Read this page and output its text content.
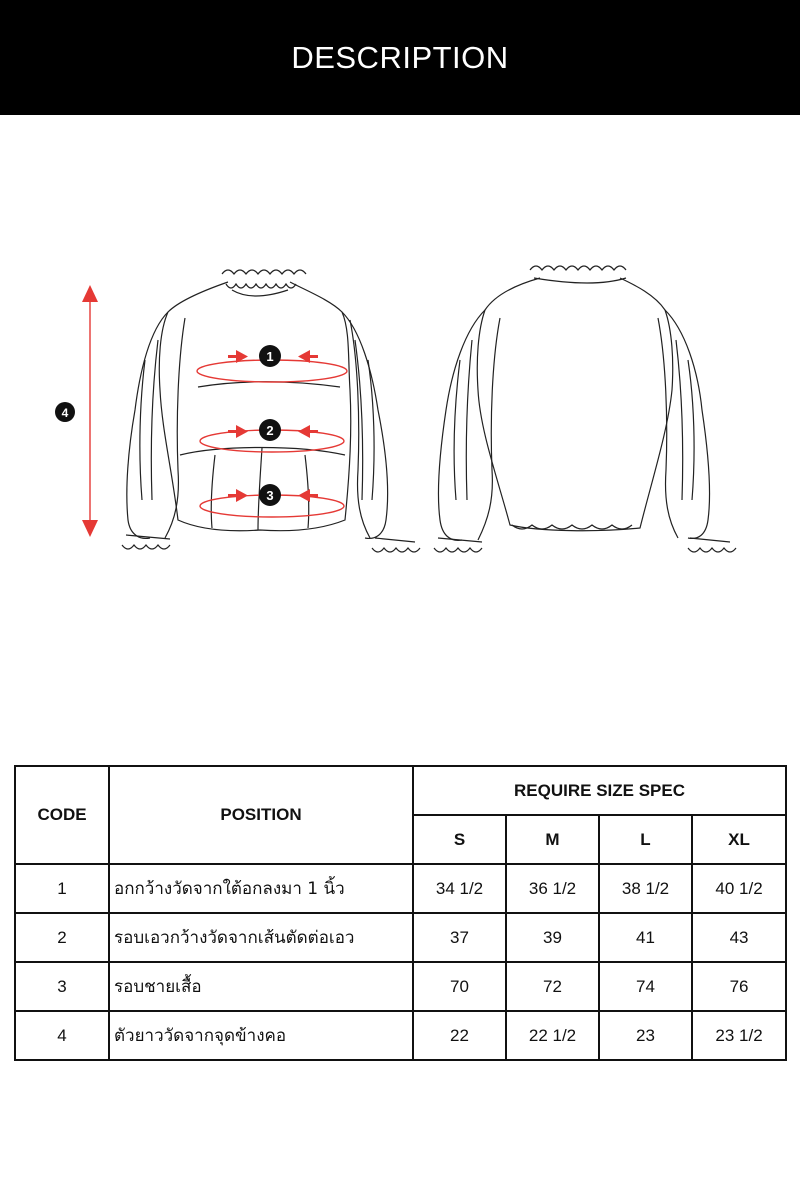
DESCRIPTION
1
2
3
4
CODE	POSITION	REQUIRE SIZE SPEC			
		S	M	L	XL
1	อกกว้างวัดจากใต้อกลงมา 1 นิ้ว	34 1/2	36 1/2	38 1/2	40 1/2
2	รอบเอวกว้างวัดจากเส้นตัดต่อเอว	37	39	41	43
3	รอบชายเสื้อ	70	72	74	76
4	ตัวยาววัดจากจุดข้างคอ	22	22 1/2	23	23 1/2
